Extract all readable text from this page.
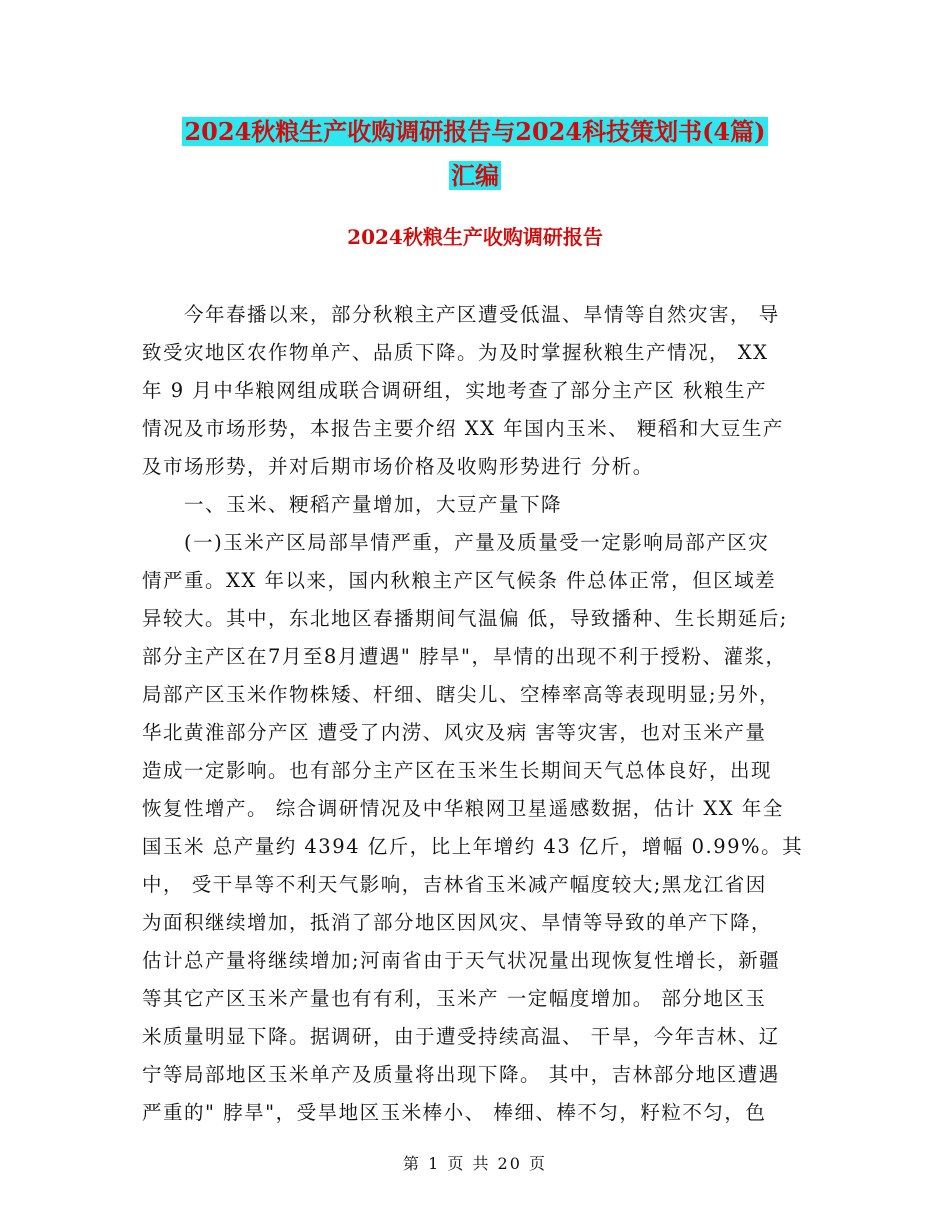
2024秋粮生产收购调研报告与2024科技策划书(4篇)
汇编
2024秋粮生产收购调研报告

　　今年春播以来，部分秋粮主产区遭受低温、旱情等自然灾害， 导

致受灾地区农作物单产、品质下降。为及时掌握秋粮生产情况， XX

年 9 月中华粮网组成联合调研组，实地考查了部分主产区 秋粮生产

情况及市场形势，本报告主要介绍 XX 年国内玉米、 粳稻和大豆生产

及市场形势，并对后期市场价格及收购形势进行 分析。

　　一、玉米、粳稻产量增加，大豆产量下降

　　(一)玉米产区局部旱情严重，产量及质量受一定影响局部产区灾

情严重。XX 年以来，国内秋粮主产区气候条 件总体正常，但区域差

异较大。其中，东北地区春播期间气温偏 低，导致播种、生长期延后;

部分主产区在7月至8月遭遇" 脖旱"，旱情的出现不利于授粉、灌浆，

局部产区玉米作物株矮、杆细、瞎尖儿、空棒率高等表现明显;另外，

华北黄淮部分产区 遭受了内涝、风灾及病 害等灾害，也对玉米产量

造成一定影响。也有部分主产区在玉米生长期间天气总体良好，出现

恢复性增产。 综合调研情况及中华粮网卫星遥感数据，估计 XX 年全

国玉米 总产量约 4394 亿斤，比上年增约 43 亿斤，增幅 0.99%。其

中， 受干旱等不利天气影响，吉林省玉米减产幅度较大;黑龙江省因

为面积继续增加，抵消了部分地区因风灾、旱情等导致的单产下降，

估计总产量将继续增加;河南省由于天气状况量出现恢复性增长，新疆

等其它产区玉米产量也有有利，玉米产 一定幅度增加。 部分地区玉

米质量明显下降。据调研，由于遭受持续高温、 干旱，今年吉林、辽

宁等局部地区玉米单产及质量将出现下降。 其中，吉林部分地区遭遇

严重的" 脖旱"，受旱地区玉米棒小、 棒细、棒不匀，籽粒不匀，色

第 1 页 共 20 页
